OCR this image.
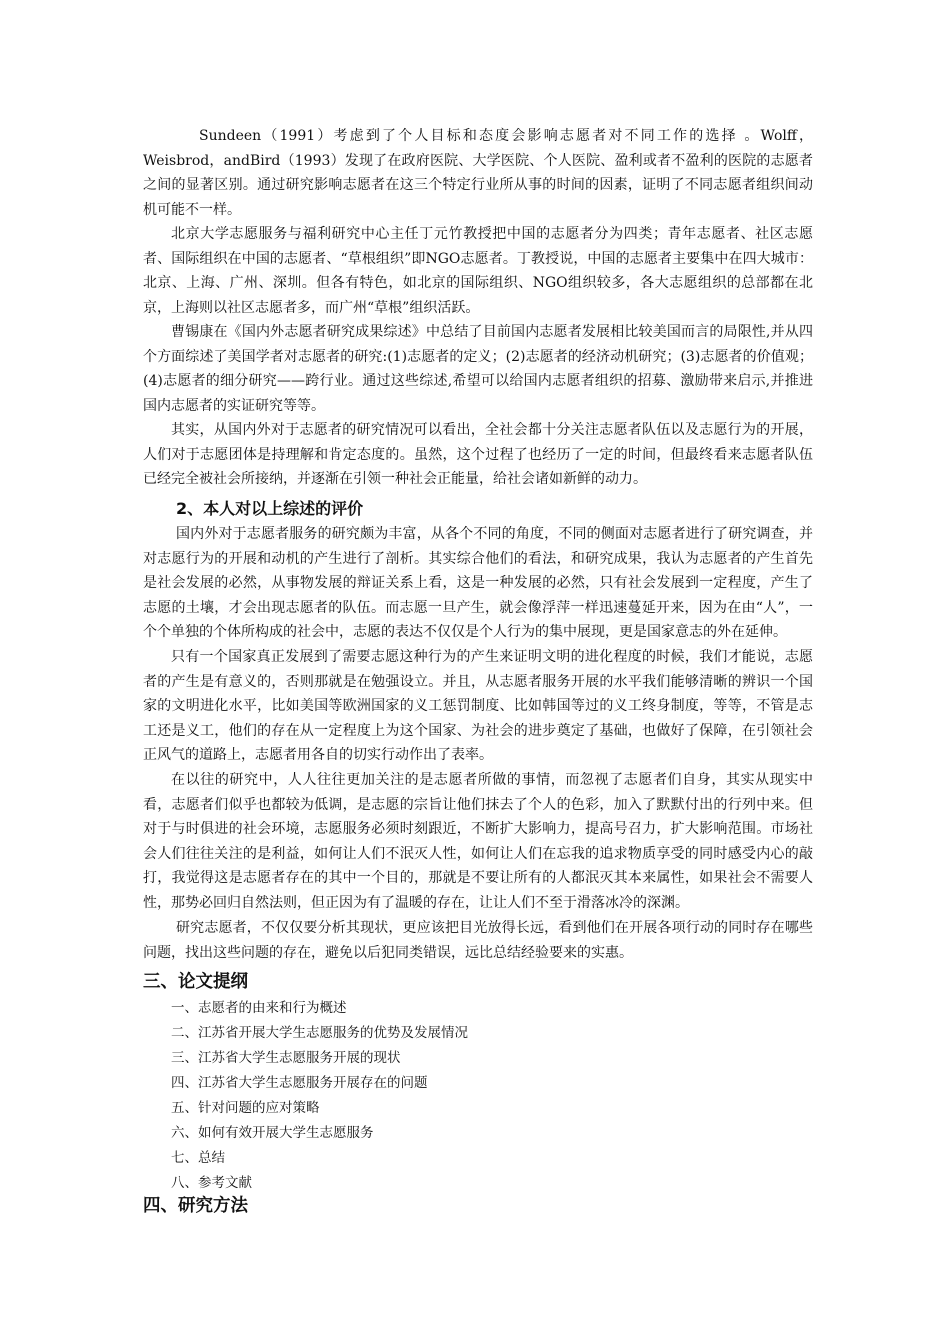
Sundeen（1991）考虑到了个人目标和态度会影响志愿者对不同工作的选择 。Wolff，Weisbrod，andBird（1993）发现了在政府医院、大学医院、个人医院、盈利或者不盈利的医院的志愿者之间的显著区别。通过研究影响志愿者在这三个特定行业所从事的时间的因素，证明了不同志愿者组织间动机可能不一样。

北京大学志愿服务与福利研究中心主任丁元竹教授把中国的志愿者分为四类；青年志愿者、社区志愿者、国际组织在中国的志愿者、“草根组织”即NGO志愿者。丁教授说，中国的志愿者主要集中在四大城市：北京、上海、广州、深圳。但各有特色，如北京的国际组织、NGO组织较多，各大志愿组织的总部都在北京，上海则以社区志愿者多，而广州“草根”组织活跃。

曹锡康在《国内外志愿者研究成果综述》中总结了目前国内志愿者发展相比较美国而言的局限性,并从四个方面综述了美国学者对志愿者的研究:(1)志愿者的定义；(2)志愿者的经济动机研究；(3)志愿者的价值观；(4)志愿者的细分研究——跨行业。通过这些综述,希望可以给国内志愿者组织的招募、激励带来启示,并推进国内志愿者的实证研究等等。

其实，从国内外对于志愿者的研究情况可以看出，全社会都十分关注志愿者队伍以及志愿行为的开展，人们对于志愿团体是持理解和肯定态度的。虽然，这个过程了也经历了一定的时间，但最终看来志愿者队伍已经完全被社会所接纳，并逐渐在引领一种社会正能量，给社会诸如新鲜的动力。

2、本人对以上综述的评价

国内外对于志愿者服务的研究颇为丰富，从各个不同的角度，不同的侧面对志愿者进行了研究调查，并对志愿行为的开展和动机的产生进行了剖析。其实综合他们的看法，和研究成果，我认为志愿者的产生首先是社会发展的必然，从事物发展的辩证关系上看，这是一种发展的必然，只有社会发展到一定程度，产生了志愿的土壤，才会出现志愿者的队伍。而志愿一旦产生，就会像浮萍一样迅速蔓延开来，因为在由“人”，一个个单独的个体所构成的社会中，志愿的表达不仅仅是个人行为的集中展现，更是国家意志的外在延伸。

只有一个国家真正发展到了需要志愿这种行为的产生来证明文明的进化程度的时候，我们才能说，志愿者的产生是有意义的，否则那就是在勉强设立。并且，从志愿者服务开展的水平我们能够清晰的辨识一个国家的文明进化水平，比如美国等欧洲国家的义工惩罚制度、比如韩国等过的义工终身制度，等等，不管是志工还是义工，他们的存在从一定程度上为这个国家、为社会的进步奠定了基础，也做好了保障，在引领社会正风气的道路上，志愿者用各自的切实行动作出了表率。

在以往的研究中，人人往往更加关注的是志愿者所做的事情，而忽视了志愿者们自身，其实从现实中看，志愿者们似乎也都较为低调，是志愿的宗旨让他们抹去了个人的色彩，加入了默默付出的行列中来。但对于与时俱进的社会环境，志愿服务必须时刻跟近，不断扩大影响力，提高号召力，扩大影响范围。市场社会人们往往关注的是利益，如何让人们不泯灭人性，如何让人们在忘我的追求物质享受的同时感受内心的敲打，我觉得这是志愿者存在的其中一个目的，那就是不要让所有的人都泯灭其本来属性，如果社会不需要人性，那势必回归自然法则，但正因为有了温暖的存在，让让人们不至于滑落冰冷的深渊。

研究志愿者，不仅仅要分析其现状，更应该把目光放得长远，看到他们在开展各项行动的同时存在哪些问题，找出这些问题的存在，避免以后犯同类错误，远比总结经验要来的实惠。

三、论文提纲
一、志愿者的由来和行为概述
二、江苏省开展大学生志愿服务的优势及发展情况
三、江苏省大学生志愿服务开展的现状
四、江苏省大学生志愿服务开展存在的问题
五、针对问题的应对策略
六、如何有效开展大学生志愿服务
七、总结
八、参考文献
四、研究方法
